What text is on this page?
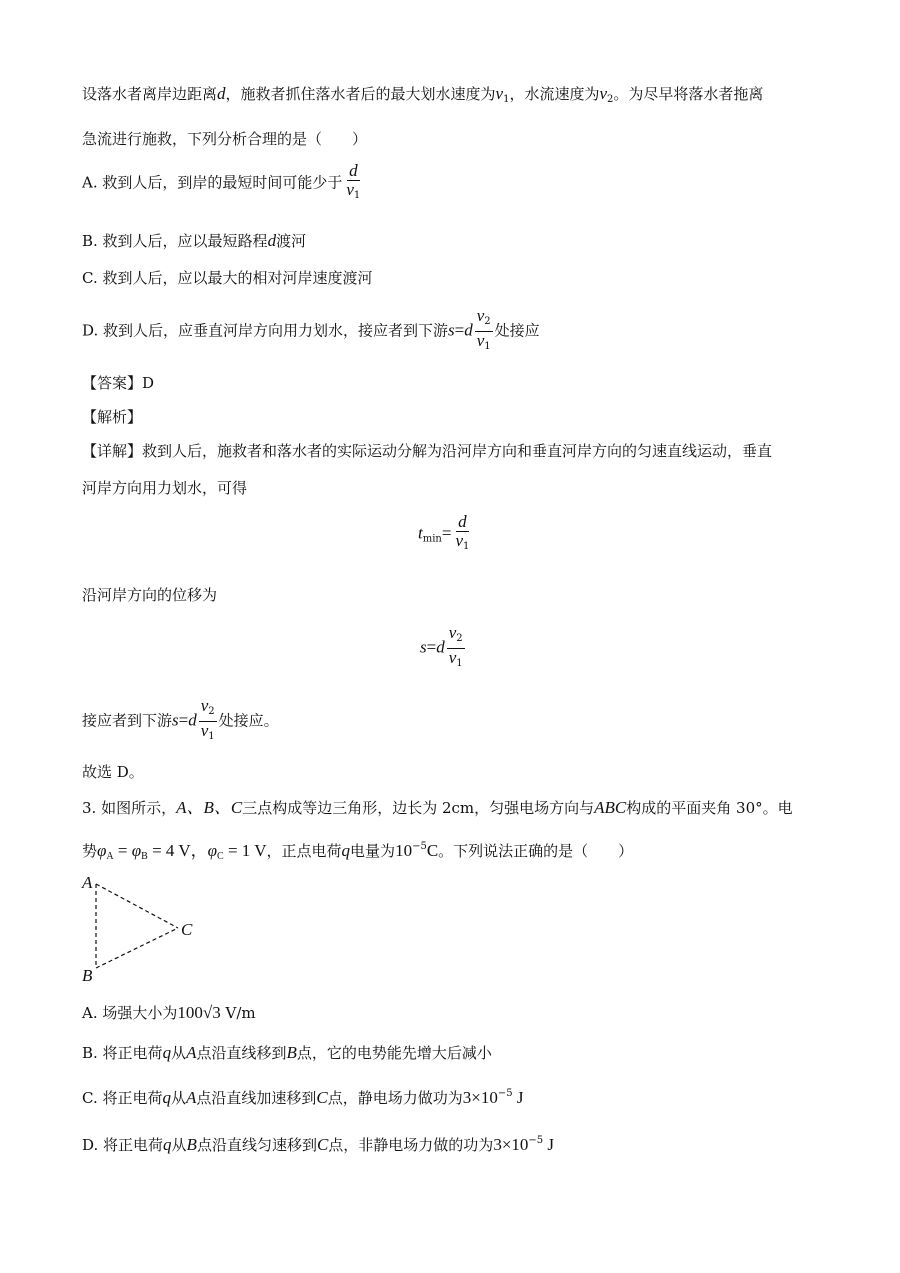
设落水者离岸边距离d，施救者抓住落水者后的最大划水速度为$v_1$，水流速度为$v_2$。为尽早将落水者拖离
急流进行施救，下列分析合理的是（　　）
A. 救到人后，到岸的最短时间可能少于 $\frac{d}{v_1}$
B. 救到人后，应以最短路程d渡河
C. 救到人后，应以最大的相对河岸速度渡河
D. 救到人后，应垂直河岸方向用力划水，接应者到下游$s=d \frac{v_2}{v_1}$ 处接应
【答案】D
【解析】
【详解】救到人后，施救者和落水者的实际运动分解为沿河岸方向和垂直河岸方向的匀速直线运动，垂直
河岸方向用力划水，可得
$t_{min}= \frac{d}{v_1}$
沿河岸方向的位移为
$s=d \frac{v_2}{v_1}$
接应者到下游$s=d \frac{v_2}{v_1}$ 处接应。
故选 D。
3. 如图所示，A、B、C三点构成等边三角形，边长为 2cm，匀强电场方向与ABC构成的平面夹角 30°。电
势$\varphi_A = \varphi_B = 4$ V，$\varphi_C = 1$ V，正点电荷q电量为$10^{-5}C$。下列说法正确的是（　　）
A
B
C
A. 场强大小为100√3 V/m
B. 将正电荷q从A点沿直线移到B点，它的电势能先增大后减小
C. 将正电荷q从A点沿直线加速移到C点，静电场力做功为$3\times 10^{-5}$ J
D. 将正电荷q从B点沿直线匀速移到C点，非静电场力做的功为$3\times 10^{-5}$ J
